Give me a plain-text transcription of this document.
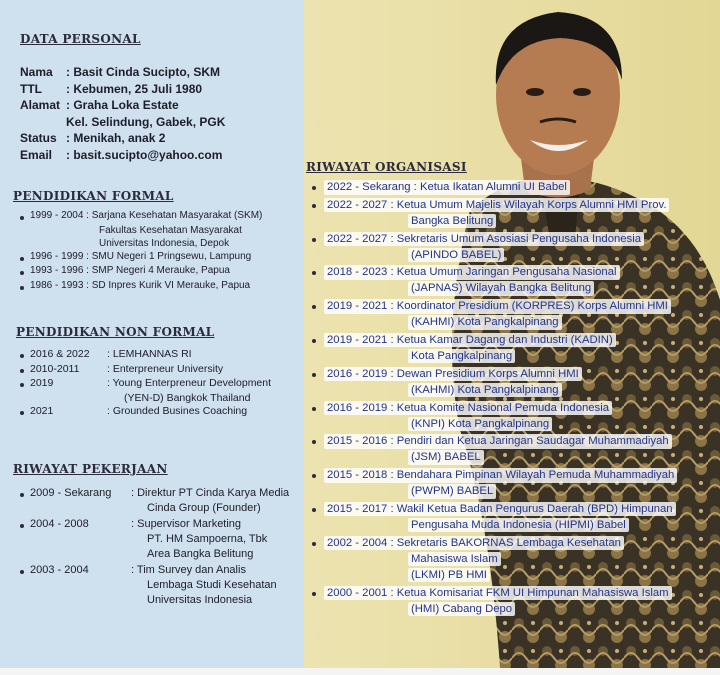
DATA PERSONAL
Nama	: Basit Cinda Sucipto, SKM
TTL	: Kebumen, 25 Juli 1980
Alamat : Graha Loka Estate
Kel. Selindung, Gabek, PGK
Status : Menikah, anak 2
Email	: basit.sucipto@yahoo.com
PENDIDIKAN FORMAL
1999 - 2004 : Sarjana Kesehatan Masyarakat (SKM)
Fakultas Kesehatan Masyarakat
Universitas Indonesia, Depok
1996 - 1999 : SMU Negeri 1 Pringsewu, Lampung
1993 - 1996 : SMP Negeri 4 Merauke, Papua
1986 - 1993 : SD Inpres Kurik VI Merauke, Papua
PENDIDIKAN NON FORMAL
2016 & 2022	: LEMHANNAS RI
2010-2011	: Enterpreneur University
2019	: Young Enterpreneur Development
(YEN-D) Bangkok Thailand
2021	: Grounded Busines Coaching
RIWAYAT PEKERJAAN
2009 - Sekarang	: Direktur PT Cinda Karya Media
Cinda Group (Founder)
2004 - 2008	: Supervisor Marketing
PT. HM Sampoerna, Tbk
Area Bangka Belitung
2003 - 2004	: Tim Survey dan Analis
Lembaga Studi Kesehatan
Universitas Indonesia
RIWAYAT ORGANISASI
2022 - Sekarang : Ketua Ikatan Alumni UI Babel
2022 - 2027 : Ketua Umum Majelis Wilayah Korps Alumni HMI Prov.
Bangka Belitung
2022 - 2027 : Sekretaris Umum Asosiasi Pengusaha Indonesia
(APINDO BABEL)
2018 - 2023 : Ketua Umum Jaringan Pengusaha Nasional
(JAPNAS) Wilayah Bangka Belitung
2019 - 2021 : Koordinator Presidium (KORPRES) Korps Alumni HMI
(KAHMI) Kota Pangkalpinang
2019 - 2021 : Ketua Kamar Dagang dan Industri (KADIN)
Kota Pangkalpinang
2016 - 2019 : Dewan Presidium Korps Alumni HMI
(KAHMI) Kota Pangkalpinang
2016 - 2019 : Ketua Komite Nasional Pemuda Indonesia
(KNPI) Kota Pangkalpinang
2015 - 2016 : Pendiri dan Ketua Jaringan Saudagar Muhammadiyah
(JSM) BABEL
2015 - 2018 : Bendahara Pimpinan Wilayah Pemuda Muhammadiyah
(PWPM) BABEL
2015 - 2017 : Wakil Ketua Badan Pengurus Daerah (BPD) Himpunan
Pengusaha Muda Indonesia (HIPMI) Babel
2002 - 2004 : Sekretaris BAKORNAS Lembaga Kesehatan
Mahasiswa Islam
(LKMI) PB HMI
2000 - 2001 : Ketua Komisariat FKM UI Himpunan Mahasiswa Islam
(HMI) Cabang Depo
